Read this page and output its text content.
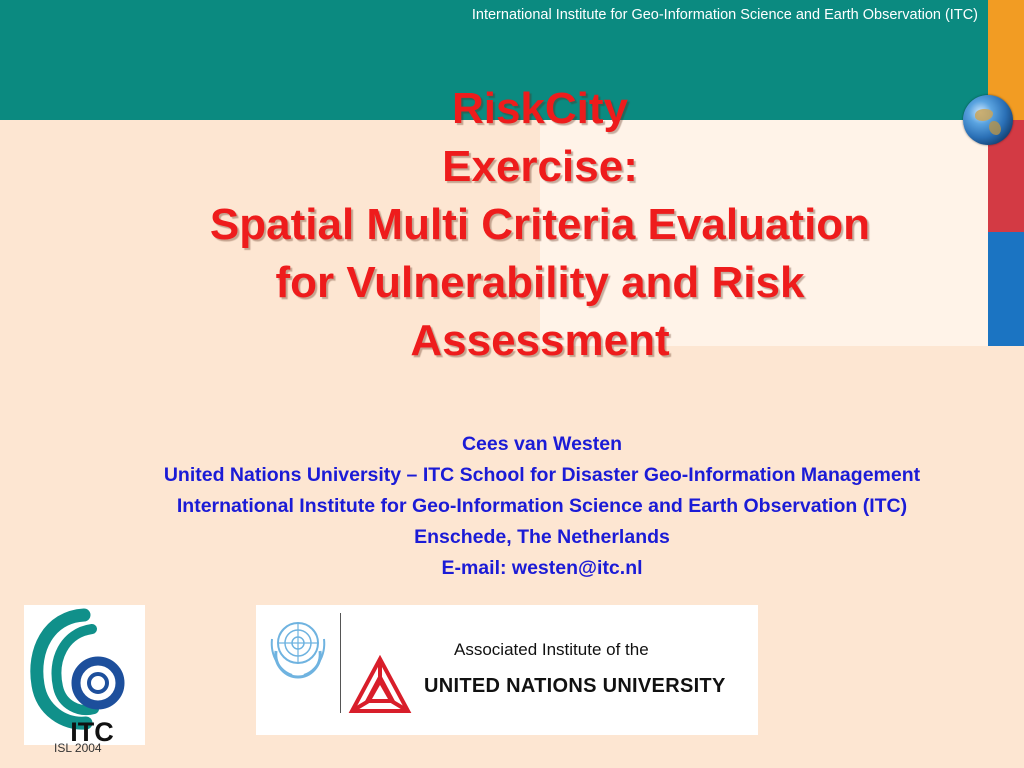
International Institute for Geo-Information Science and Earth Observation (ITC)
RiskCity
Exercise:
Spatial Multi Criteria Evaluation
for Vulnerability and Risk
Assessment
Cees van Westen
United Nations University – ITC School for Disaster Geo-Information Management
International Institute for Geo-Information Science and Earth Observation (ITC)
Enschede, The Netherlands
E-mail: westen@itc.nl
ITC
Associated Institute of the
UNITED NATIONS UNIVERSITY
ISL 2004
